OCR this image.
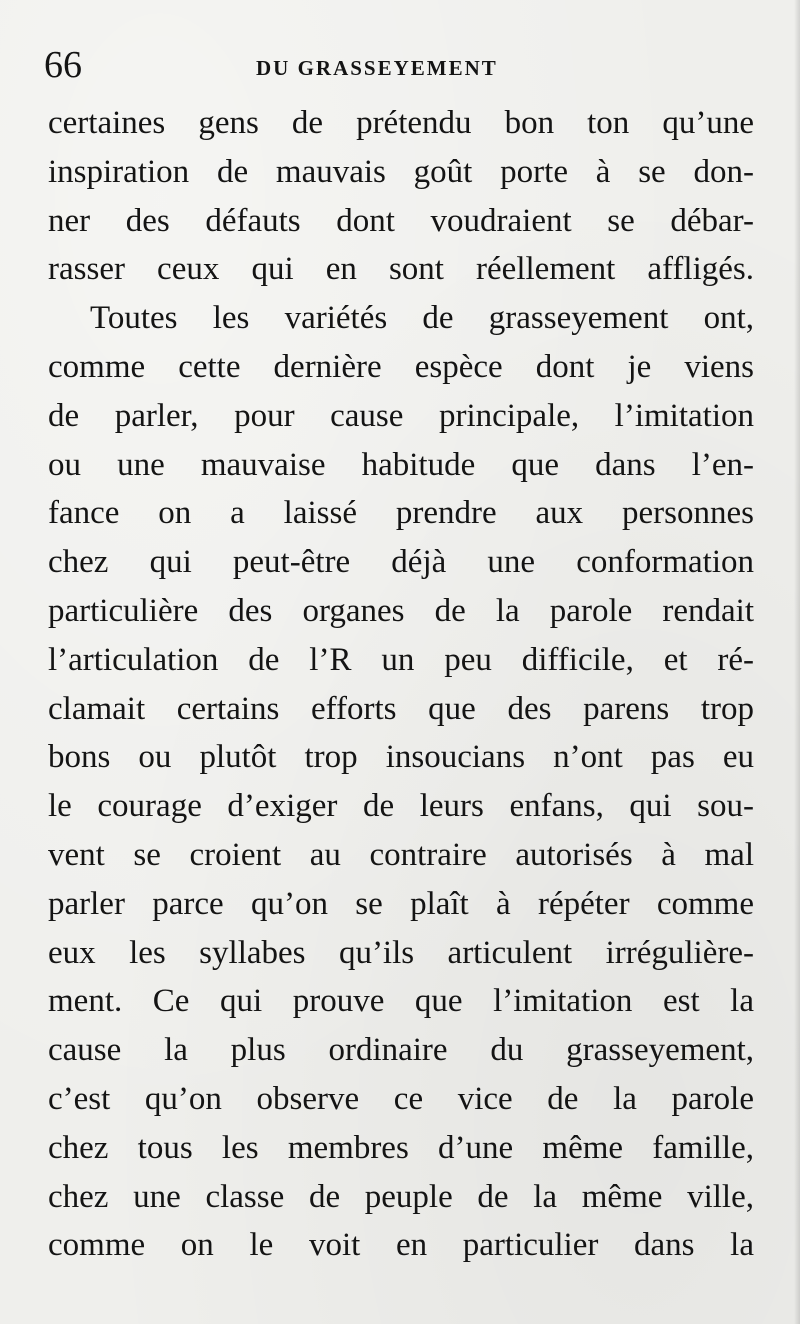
66	DU GRASSEYEMENT
certaines gens de prétendu bon ton qu’une
inspiration de mauvais goût porte à se don-
ner des défauts dont voudraient se débar-
rasser ceux qui en sont réellement affligés.
Toutes les variétés de grasseyement ont,
comme cette dernière espèce dont je viens
de parler, pour cause principale, l’imitation
ou une mauvaise habitude que dans l’en-
fance on a laissé prendre aux personnes
chez qui peut-être déjà une conformation
particulière des organes de la parole rendait
l’articulation de l’R un peu difficile, et ré-
clamait certains efforts que des parens trop
bons ou plutôt trop insoucians n’ont pas eu
le courage d’exiger de leurs enfans, qui sou-
vent se croient au contraire autorisés à mal
parler parce qu’on se plaît à répéter comme
eux les syllabes qu’ils articulent irrégulière-
ment. Ce qui prouve que l’imitation est la
cause la plus ordinaire du grasseyement,
c’est qu’on observe ce vice de la parole
chez tous les membres d’une même famille,
chez une classe de peuple de la même ville,
comme on le voit en particulier dans la
